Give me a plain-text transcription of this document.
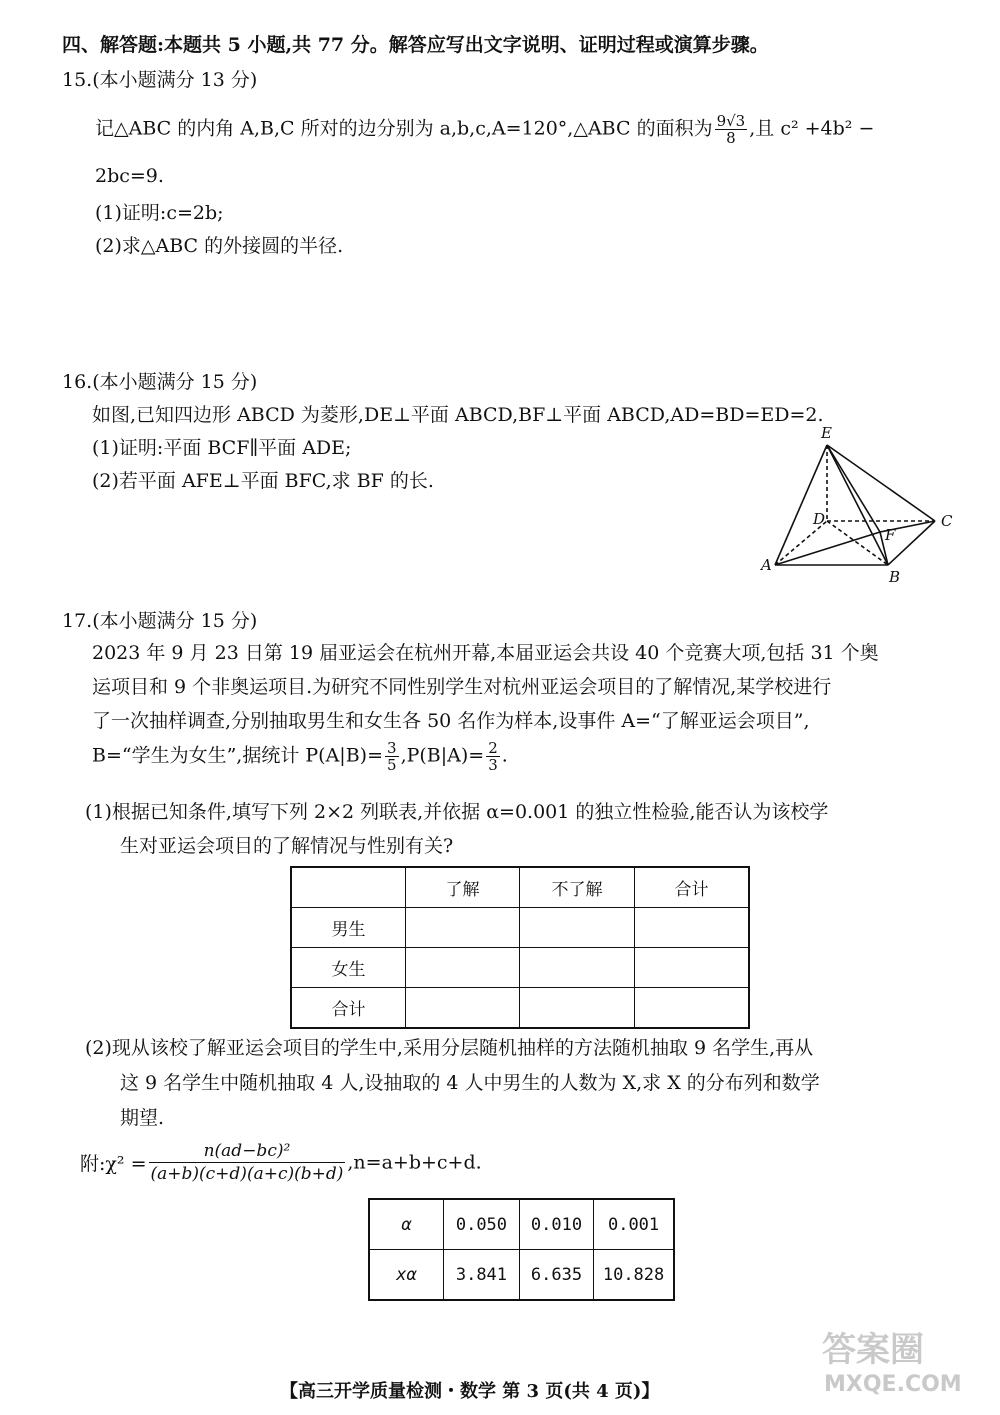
四、解答题:本题共 5 小题,共 77 分。解答应写出文字说明、证明过程或演算步骤。
15.(本小题满分 13 分)
记△ABC 的内角 A,B,C 所对的边分别为 a,b,c,A=120°,△ABC 的面积为 $\frac{9√3}{8}$ ,且 c² +4b² −
2bc=9.
(1)证明:c=2b;
(2)求△ABC 的外接圆的半径.
16.(本小题满分 15 分)
如图,已知四边形 ABCD 为菱形,DE⊥平面 ABCD,BF⊥平面 ABCD,AD=BD=ED=2.
(1)证明:平面 BCF∥平面 ADE;
(2)若平面 AFE⊥平面 BFC,求 BF 的长.
E
D	C
F
A
B
17.(本小题满分 15 分)
2023 年 9 月 23 日第 19 届亚运会在杭州开幕,本届亚运会共设 40 个竞赛大项,包括 31 个奥
运项目和 9 个非奥运项目.为研究不同性别学生对杭州亚运会项目的了解情况,某学校进行
了一次抽样调查,分别抽取男生和女生各 50 名作为样本,设事件 A=“了解亚运会项目”,
B=“学生为女生”,据统计 $P(A|B)= \frac{3}{5} ,P(B|A)= \frac{2}{3}$ .
(1)根据已知条件,填写下列 2×2 列联表,并依据 α=0.001 的独立性检验,能否认为该校学
生对亚运会项目的了解情况与性别有关?
	了解	不了解	合计
男生			
女生			
合计			
(2)现从该校了解亚运会项目的学生中,采用分层随机抽样的方法随机抽取 9 名学生,再从
这 9 名学生中随机抽取 4 人,设抽取的 4 人中男生的人数为 X,求 X 的分布列和数学
期望.
附:χ² = $\frac{\text{n(ad−bc)²}}{(a+b)(c+d)(a+c)(b+d)} ,n=a+b+c+d$.
α	0.050	0.010	0.001
xα	3.841	6.635	10.828
【高三开学质量检测・数学 第 3 页(共 4 页)】
答案圈
MXQE.COM
